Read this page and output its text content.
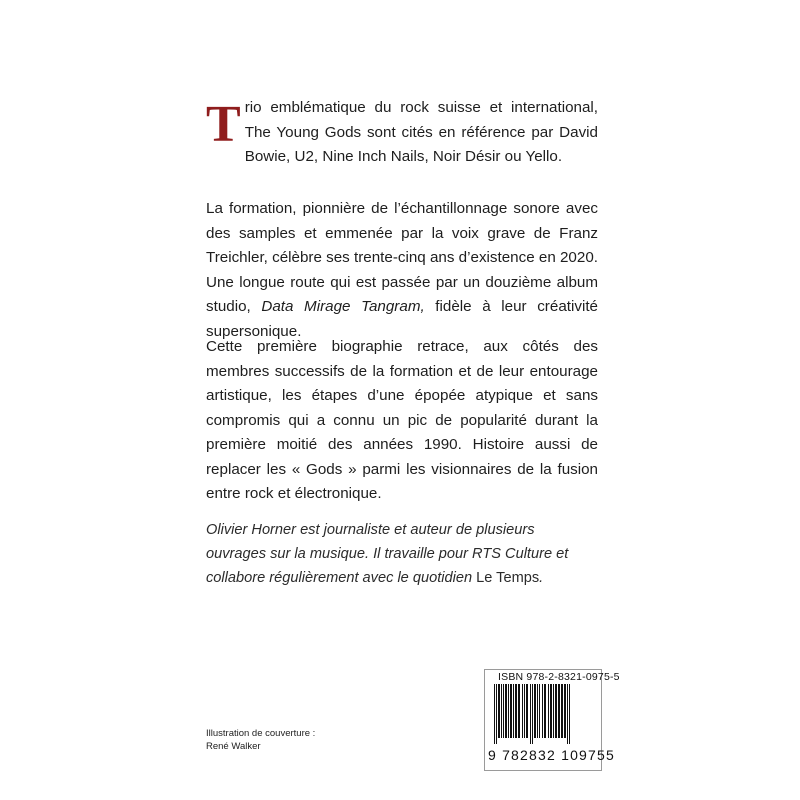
T rio emblématique du rock suisse et international, The Young Gods sont cités en référence par David Bowie, U2, Nine Inch Nails, Noir Désir ou Yello.
La formation, pionnière de l’échantillonnage sonore avec des samples et emmenée par la voix grave de Franz Treichler, célèbre ses trente-cinq ans d’existence en 2020. Une longue route qui est passée par un douzième album studio, Data Mirage Tangram, fidèle à leur créativité supersonique.
Cette première biographie retrace, aux côtés des membres successifs de la formation et de leur entourage artistique, les étapes d’une épopée atypique et sans compromis qui a connu un pic de popularité durant la première moitié des années 1990. Histoire aussi de replacer les « Gods » parmi les visionnaires de la fusion entre rock et électronique.
Olivier Horner est journaliste et auteur de plusieurs ouvrages sur la musique. Il travaille pour RTS Culture et collabore régulièrement avec le quotidien Le Temps.
Illustration de couverture :
René Walker
ISBN 978-2-8321-0975-5
9 782832 109755
